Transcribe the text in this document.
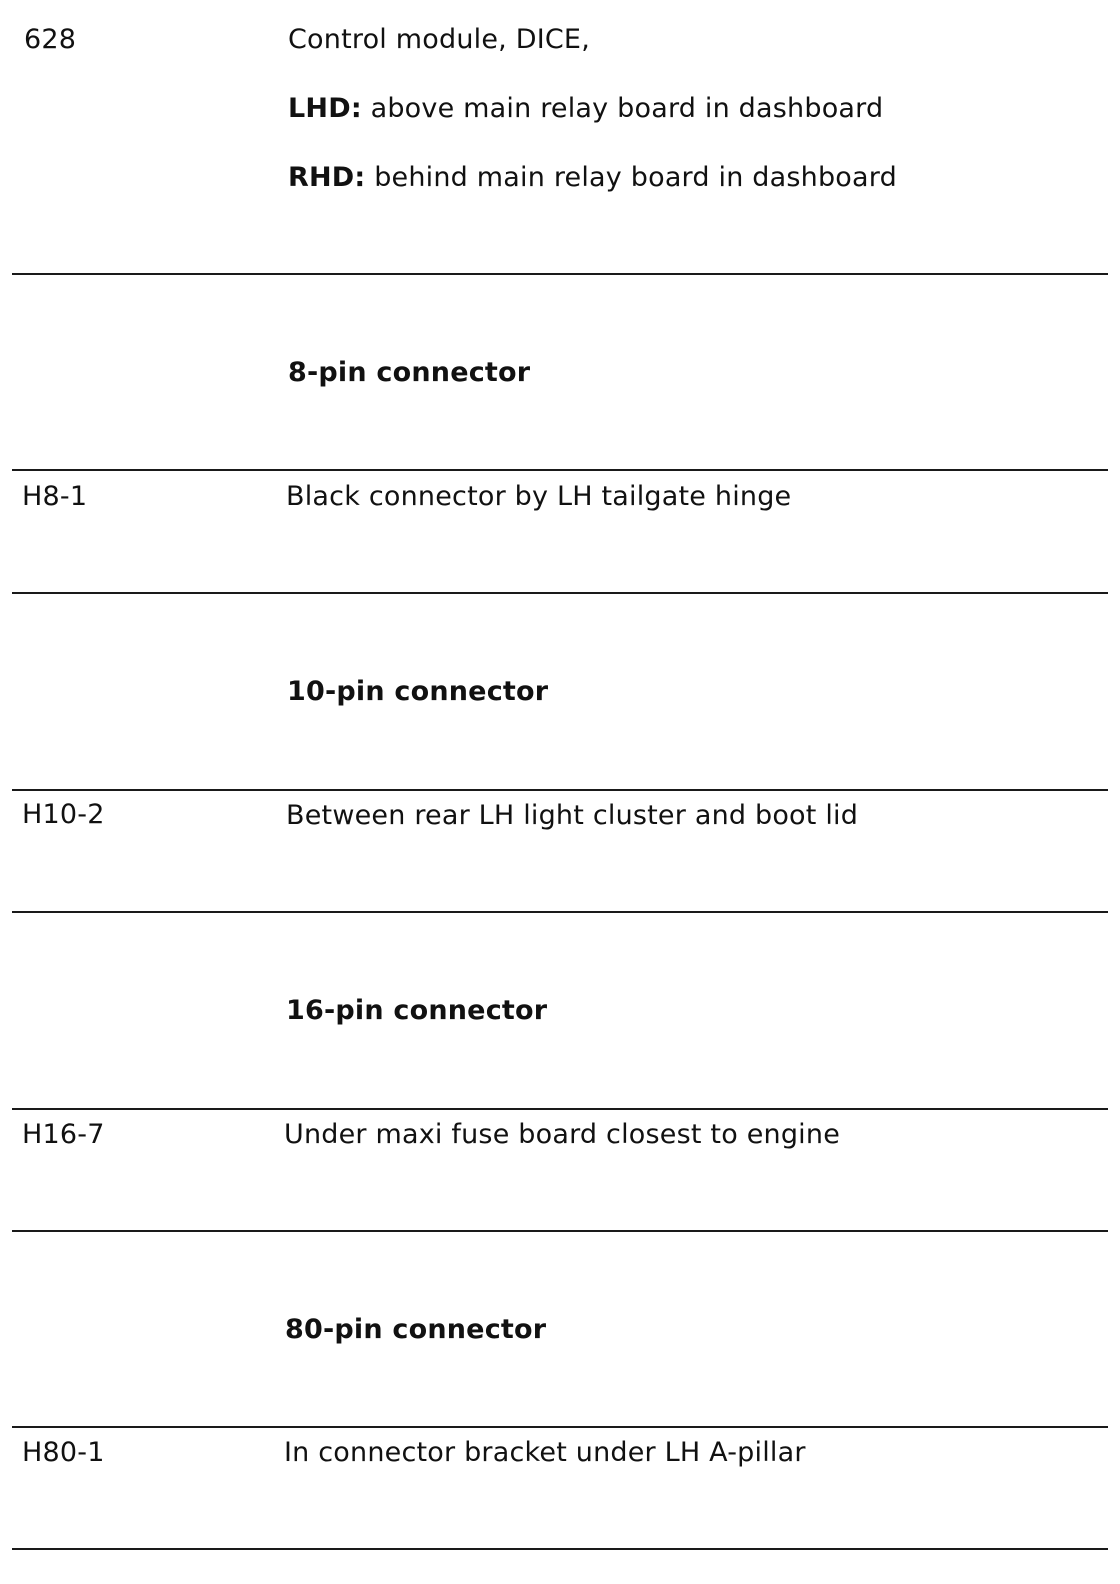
628	Control module, DICE,
LHD: above main relay board in dashboard
RHD: behind main relay board in dashboard
8-pin connector
H8-1	Black connector by LH tailgate hinge
10-pin connector
H10-2	Between rear LH light cluster and boot lid
16-pin connector
H16-7	Under maxi fuse board closest to engine
80-pin connector
H80-1	In connector bracket under LH A-pillar
